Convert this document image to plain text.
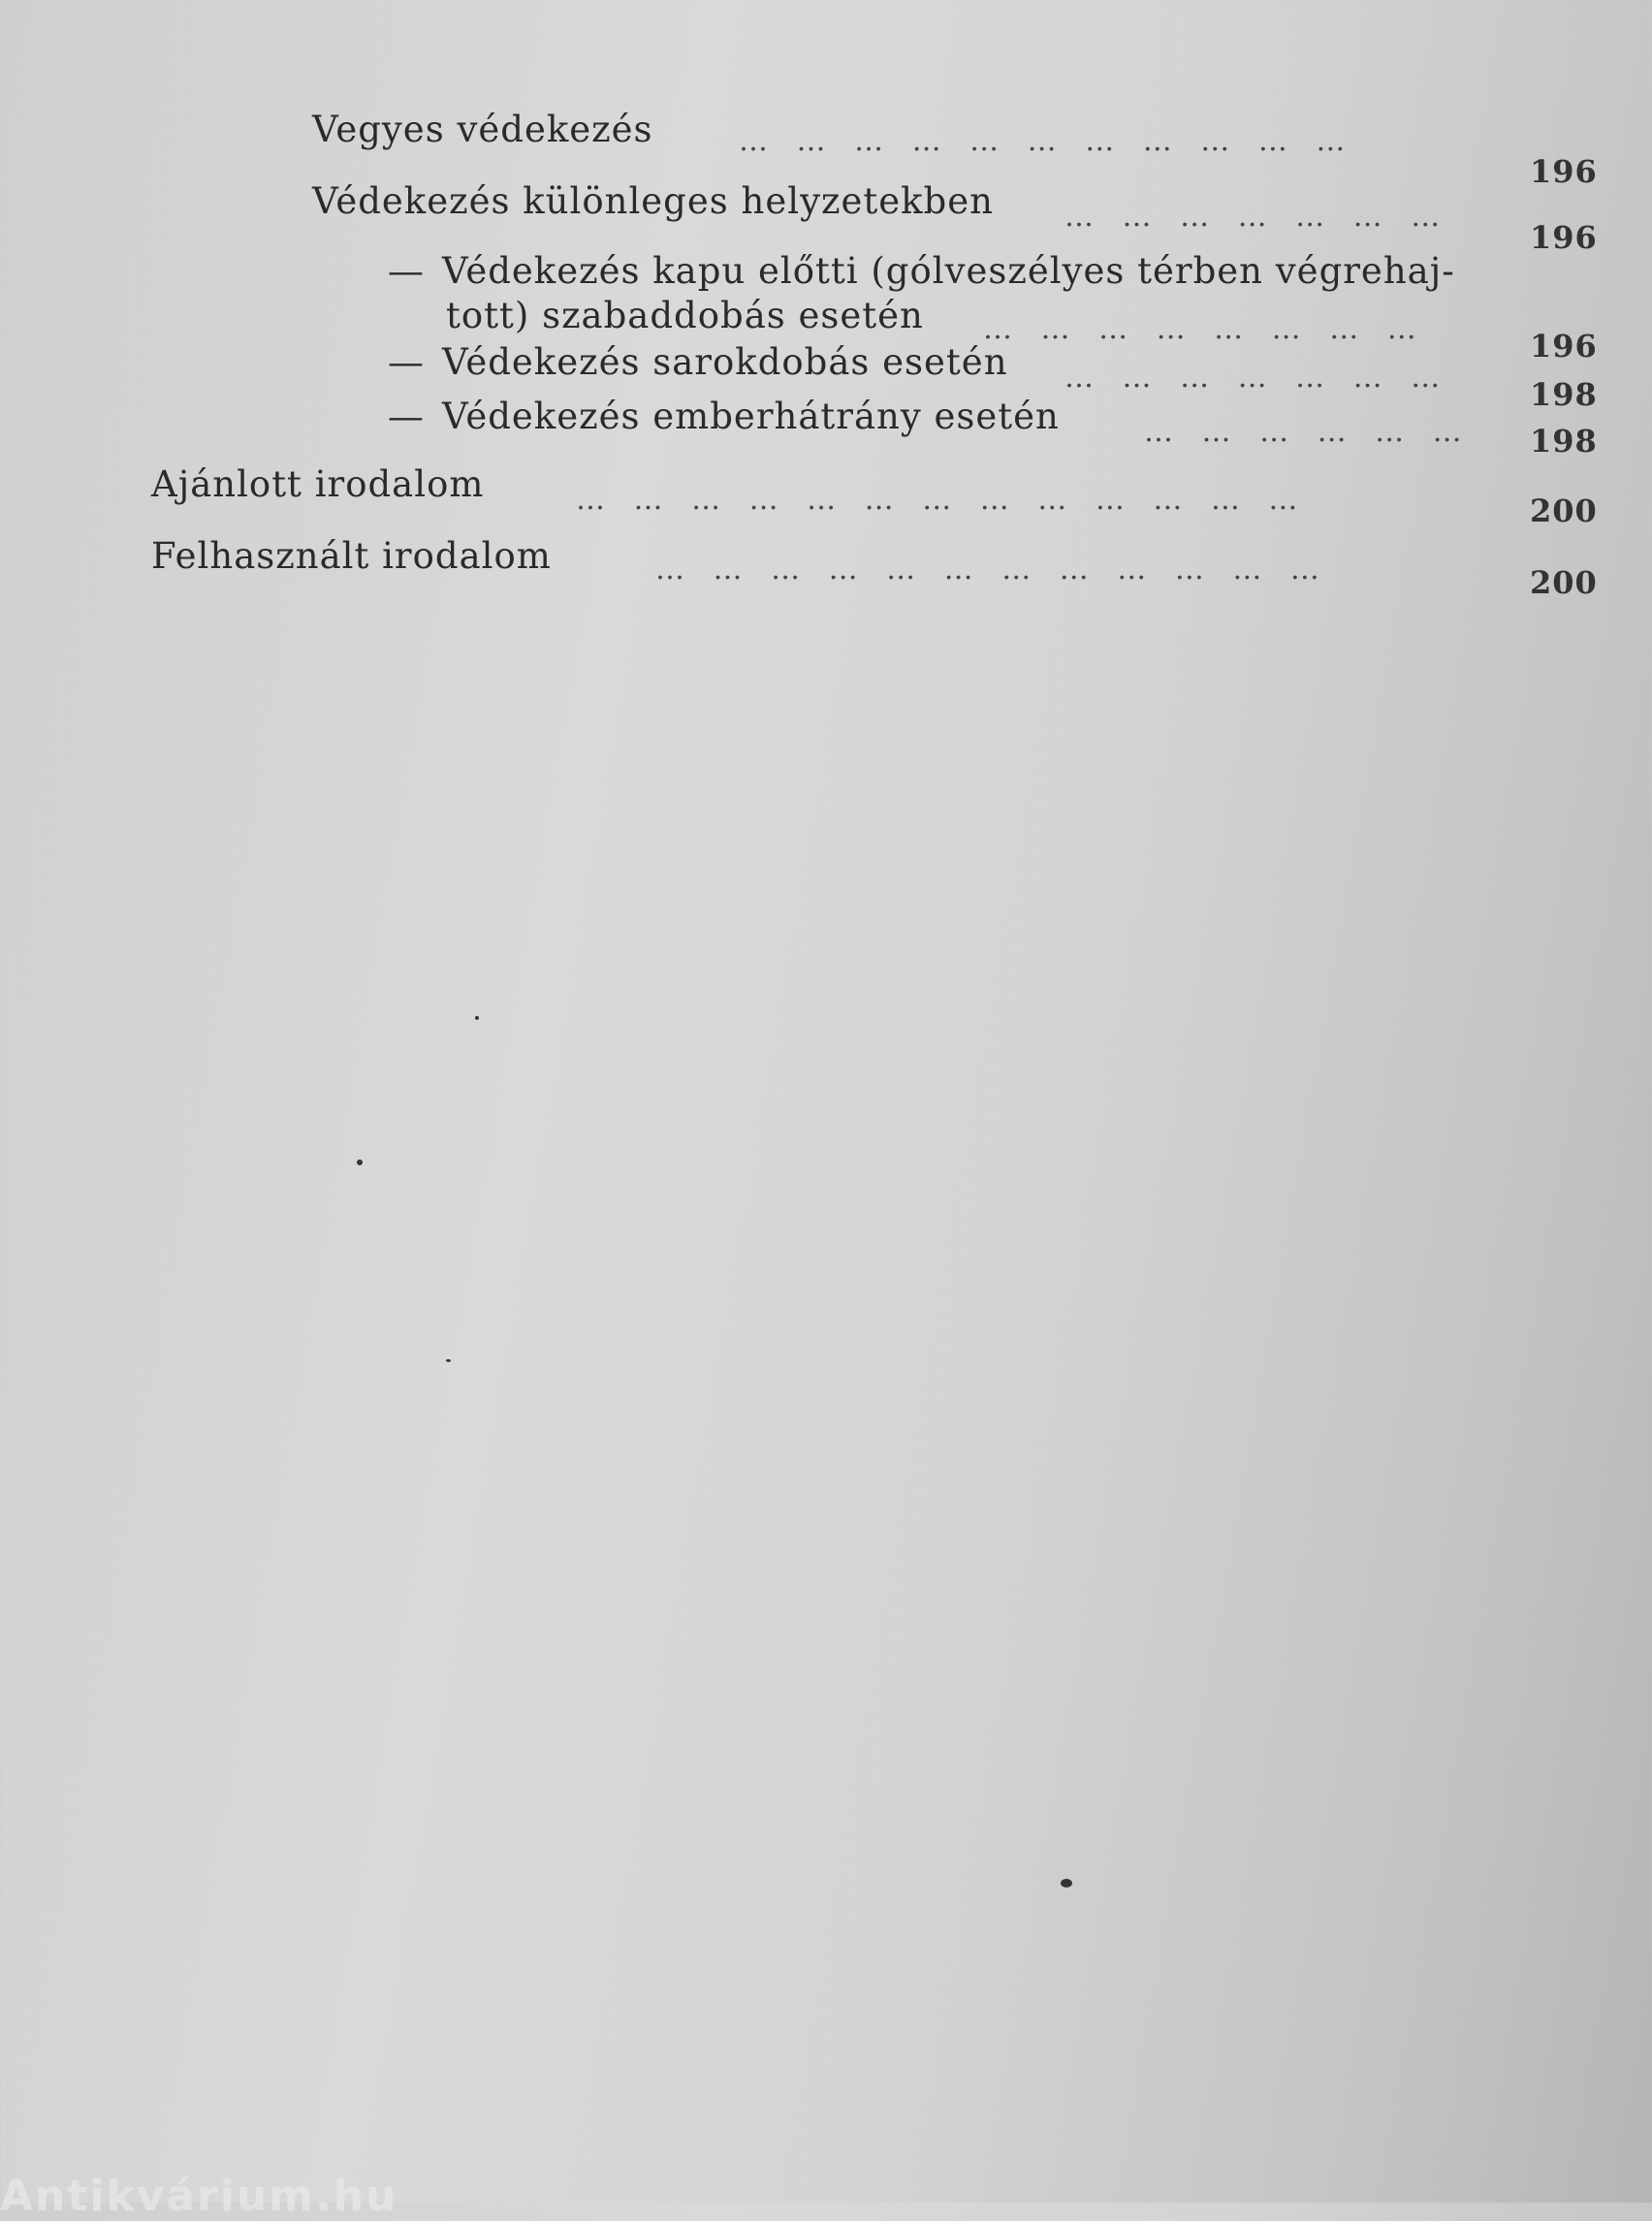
Vegyes védekezés	… … … … … … … … … … …
196
Védekezés különleges helyzetekben … … … … … … …
196
— Védekezés kapu előtti (gólveszélyes térben végrehaj-
tott) szabaddobás esetén … … … … … … … …	196
— Védekezés sarokdobás esetén … … … … … … …	198
— Védekezés emberhátrány esetén	… … … … … … 198
Ajánlott irodalom	… … … … … … … … … … … … …	200
Felhasznált irodalom	… … … … … … … … … … … …	200
Antikvárium.hu
